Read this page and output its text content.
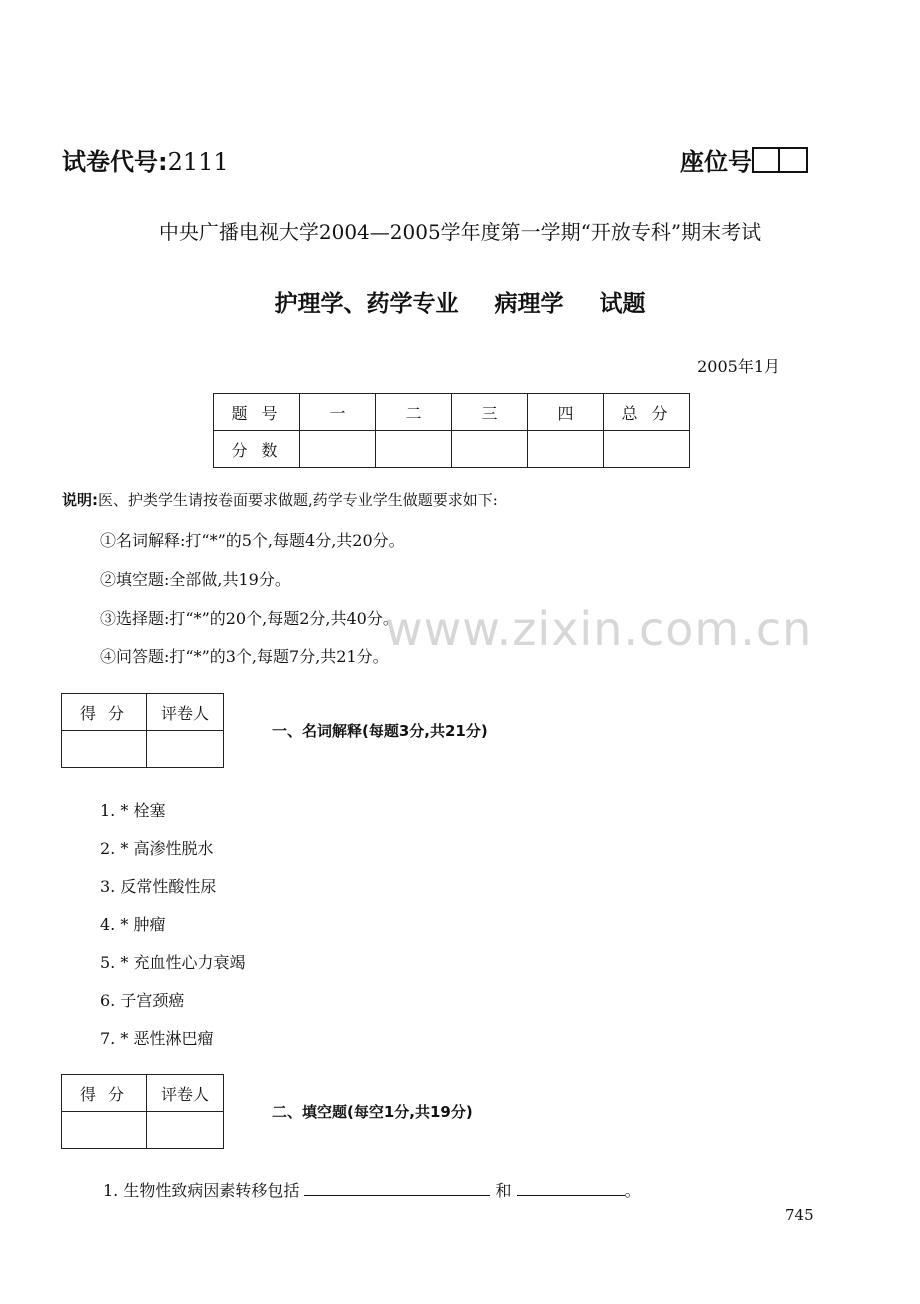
试卷代号:2111	座位号
中央广播电视大学2004—2005学年度第一学期“开放专科”期末考试
护理学、药学专业 病理学 试题
2005年1月
题号	一	二	三	四	总分
分数					
说明:医、护类学生请按卷面要求做题,药学专业学生做题要求如下:
①名词解释:打“*”的5个,每题4分,共20分。
②填空题:全部做,共19分。
③选择题:打“*”的20个,每题2分,共40分。
④问答题:打“*”的3个,每题7分,共21分。
得分	评卷人

一、名词解释(每题3分,共21分)
1. * 栓塞
2. * 高渗性脱水
3. 反常性酸性尿
4. * 肿瘤
5. * 充血性心力衰竭
6. 子宫颈癌
7. * 恶性淋巴瘤
得分	评卷人

二、填空题(每空1分,共19分)
1. 生物性致病因素转移包括	和	。
745
www.zixin.com.cn
